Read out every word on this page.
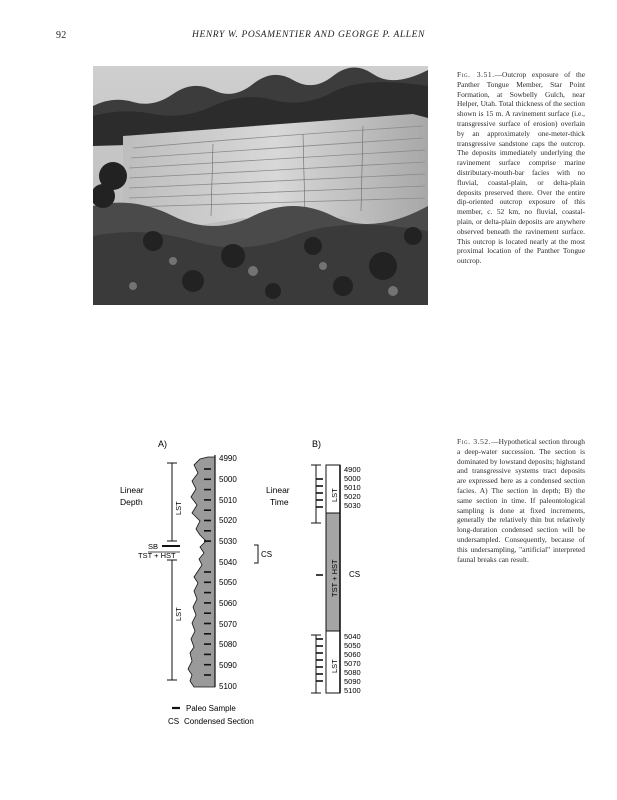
92	HENRY W. POSAMENTIER AND GEORGE P. ALLEN
Fig. 3.51.—Outcrop exposure of the Panther Tongue Member, Star Point Formation, at Sowbelly Gulch, near Helper, Utah. Total thickness of the section shown is 15 m. A ravinement surface (i.e., transgressive surface of erosion) overlain by an approximately one-meter-thick transgressive sandstone caps the outcrop. The deposits immediately underlying the ravinement surface comprise marine distributary-mouth-bar facies with no fluvial, coastal-plain, or delta-plain deposits preserved there. Over the entire dip-oriented outcrop exposure of this member, c. 52 km, no fluvial, coastal-plain, or delta-plain deposits are anywhere observed beneath the ravinement surface. This outcrop is located nearly at the most proximal location of the Panther Tongue outcrop.
A)	B)
Linear
Depth	LST
LST
SB
TST + HST
4990
5000
5010
5020
5030
5040
5050
5060
5070
5080
5090
5100
CS
Linear
Time	LST
TST + HST
LST
4900
5000
5010
5020
5030
CS
5040
5050
5060
5070
5080
5090
5100
Paleo Sample
CS Condensed Section
Fig. 3.52.—Hypothetical section through a deep-water succession. The section is dominated by lowstand deposits; highstand and transgressive systems tract deposits are expressed here as a condensed section facies. A) The section in depth; B) the same section in time. If paleontological sampling is done at fixed increments, generally the relatively thin but relatively long-duration condensed section will be undersampled. Consequently, because of this undersampling, "artificial" interpreted faunal breaks can result.
